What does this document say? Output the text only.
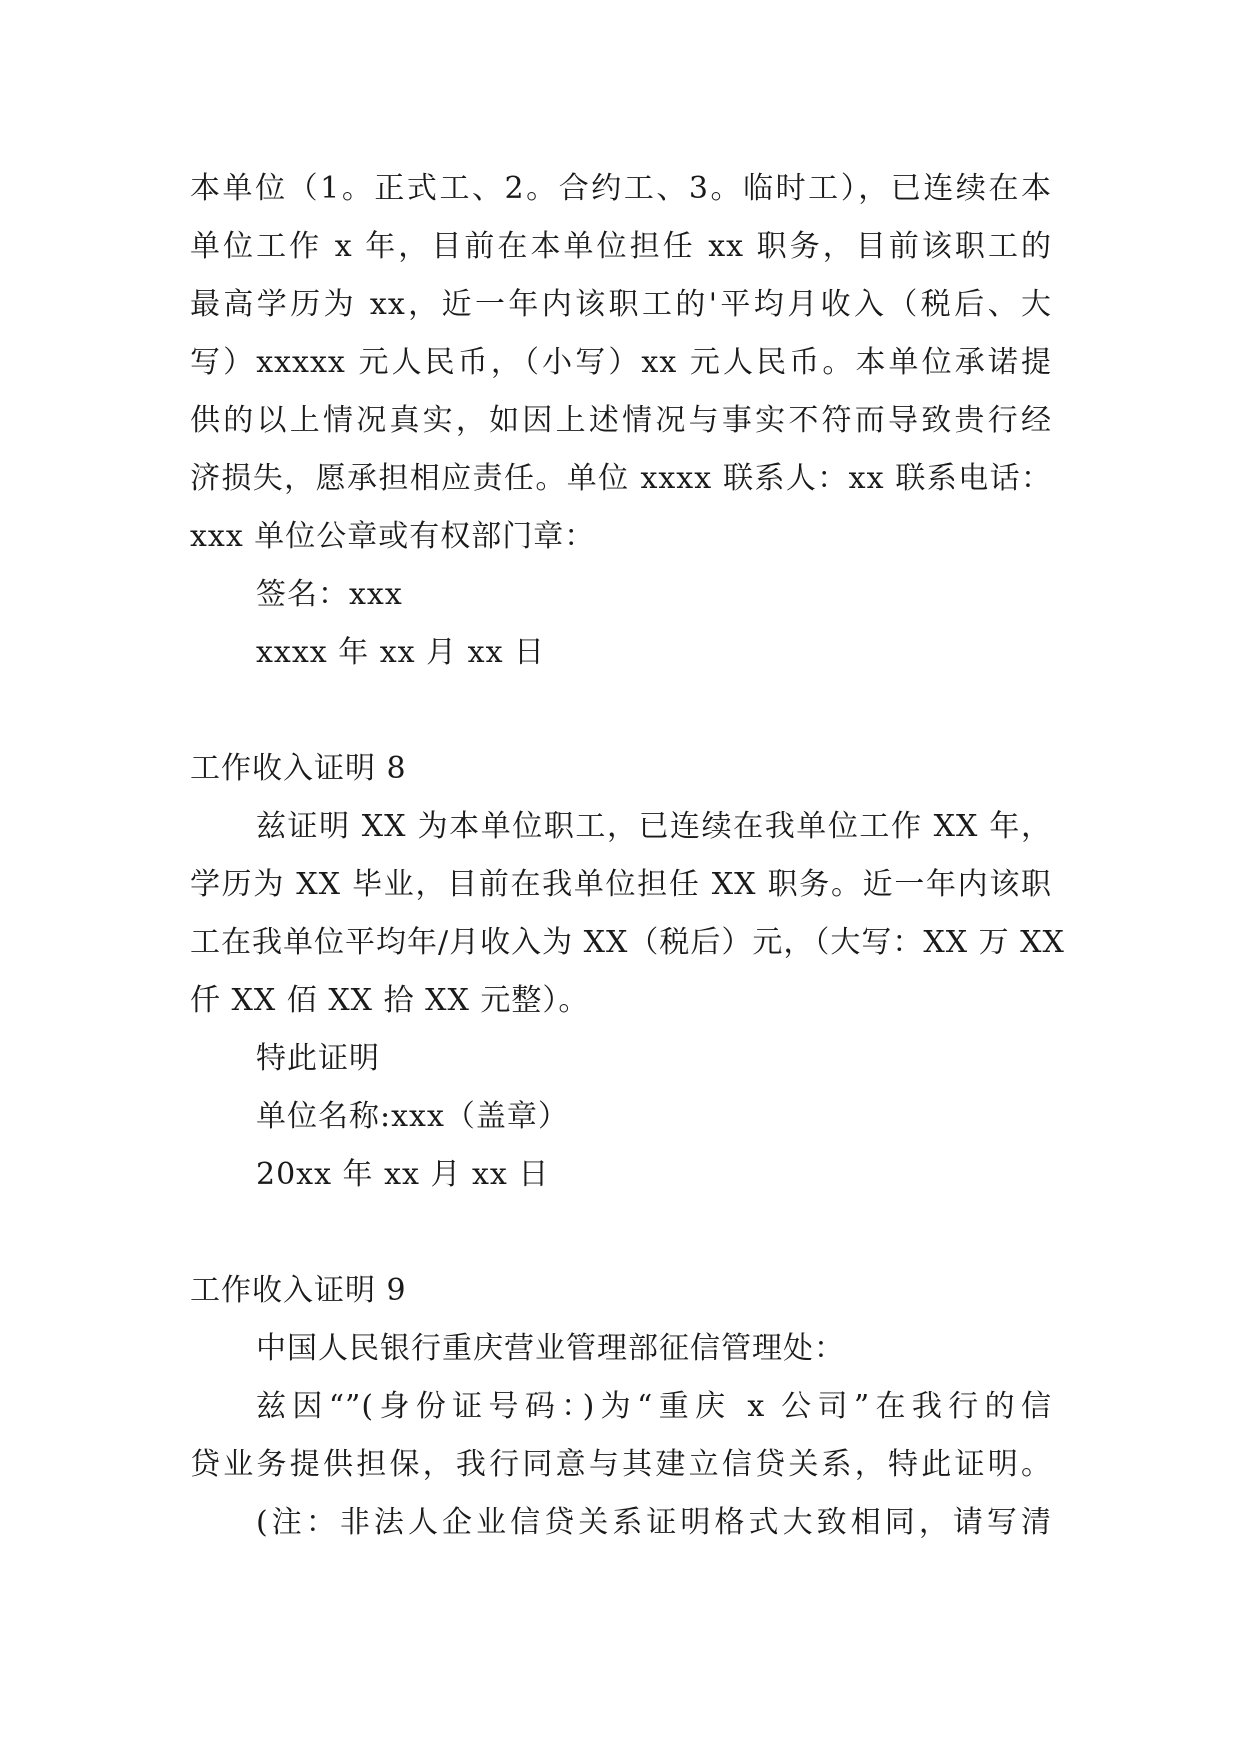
本单位（1。正式工、2。合约工、3。临时工），已连续在本
单位工作 x 年，目前在本单位担任 xx 职务，目前该职工的
最高学历为 xx，近一年内该职工的'平均月收入（税后、大
写）xxxxx 元人民币，（小写）xx 元人民币。本单位承诺提
供的以上情况真实，如因上述情况与事实不符而导致贵行经
济损失，愿承担相应责任。单位 xxxx 联系人：xx 联系电话：
xxx 单位公章或有权部门章：
签名：xxx
xxxx 年 xx 月 xx 日
工作收入证明 8
兹证明 XX 为本单位职工，已连续在我单位工作 XX 年，
学历为 XX 毕业，目前在我单位担任 XX 职务。近一年内该职
工在我单位平均年/月收入为 XX（税后）元，（大写：XX 万 XX
仟 XX 佰 XX 拾 XX 元整）。
特此证明
单位名称:xxx（盖章）
20xx 年 xx 月 xx 日
工作收入证明 9
中国人民银行重庆营业管理部征信管理处：
兹因“”(身份证号码：)为“重庆 x 公司”在我行的信
贷业务提供担保，我行同意与其建立信贷关系，特此证明。
(注：非法人企业信贷关系证明格式大致相同，请写清
